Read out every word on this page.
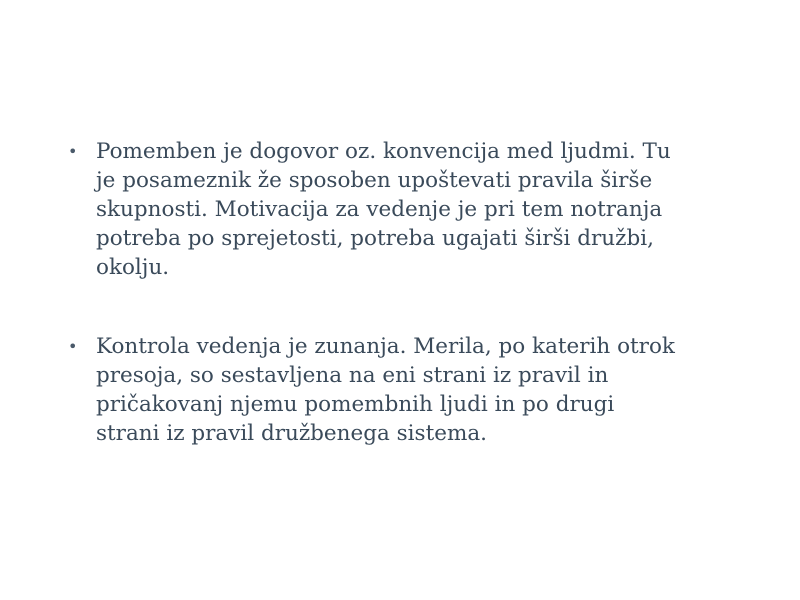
• Pomemben je dogovor oz. konvencija med ljudmi. Tu
je posameznik že sposoben upoštevati pravila širše
skupnosti. Motivacija za vedenje je pri tem notranja
potreba po sprejetosti, potreba ugajati širši družbi,
okolju.
• Kontrola vedenja je zunanja. Merila, po katerih otrok
presoja, so sestavljena na eni strani iz pravil in
pričakovanj njemu pomembnih ljudi in po drugi
strani iz pravil družbenega sistema.
